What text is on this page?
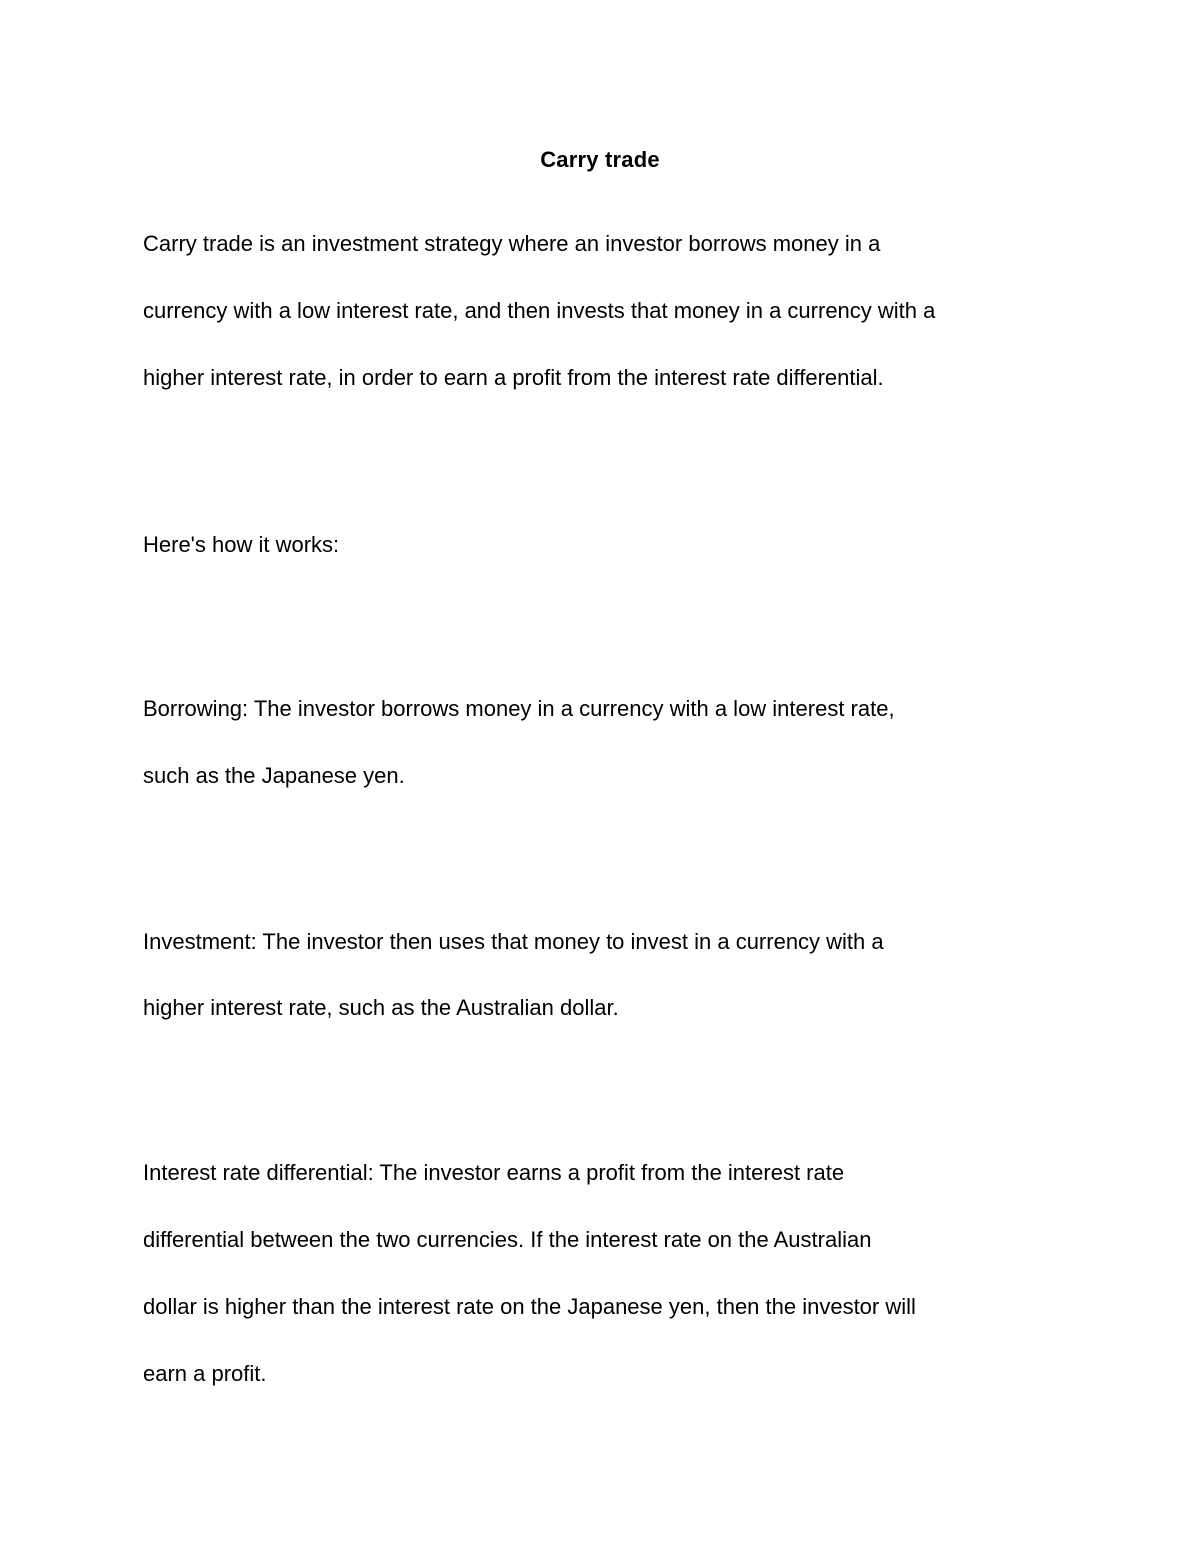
Carry trade
Carry trade is an investment strategy where an investor borrows money in a
currency with a low interest rate, and then invests that money in a currency with a
higher interest rate, in order to earn a profit from the interest rate differential.
Here's how it works:
Borrowing: The investor borrows money in a currency with a low interest rate,
such as the Japanese yen.
Investment: The investor then uses that money to invest in a currency with a
higher interest rate, such as the Australian dollar.
Interest rate differential: The investor earns a profit from the interest rate
differential between the two currencies. If the interest rate on the Australian
dollar is higher than the interest rate on the Japanese yen, then the investor will
earn a profit.
